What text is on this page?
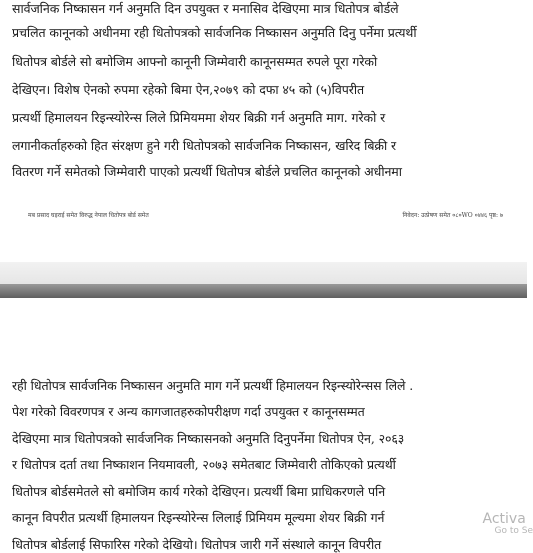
सार्वजनिक निष्कासन गर्न अनुमति दिन उपयुक्त र मनासिव देखिएमा मात्र धितोपत्र बोर्डले
प्रचलित कानूनको अधीनमा रही धितोपत्रको सार्वजनिक निष्कासन अनुमति दिनु पर्नेमा प्रत्यर्थी
धितोपत्र बोर्डले सो बमोजिम आफ्नो कानूनी जिम्मेवारी कानूनसम्मत रुपले पूरा गरेको
देखिएन। विशेष ऐनको रुपमा रहेको बिमा ऐन,२०७९ को दफा ४५ को (५)विपरीत
प्रत्यर्थी हिमालयन रिइन्स्योरेन्स लिले प्रिमियममा शेयर बिक्री गर्न अनुमति माग. गरेको र
लगानीकर्ताहरुको हित संरक्षण हुने गरी धितोपत्रको सार्वजनिक निष्कासन, खरिद बिक्री र
वितरण गर्ने समेतको जिम्मेवारी पाएको प्रत्यर्थी धितोपत्र बोर्डले प्रचलित कानूनको अधीनमा
मब प्रसाद घइराई समेत विरुद्ध नेपाल धितोपत्र बोर्ड समेत	निवेदन: उत्प्रेषण समेत ०८०WO ०४४६ पृष्ठ: ७
रही धितोपत्र सार्वजनिक निष्कासन अनुमति माग गर्ने प्रत्यर्थी हिमालयन रिइन्स्योरेन्सस लिले .
पेश गरेको विवरणपत्र र अन्य कागजातहरुकोपरीक्षण गर्दा उपयुक्त र कानूनसम्मत
देखिएमा मात्र धितोपत्रको सार्वजनिक निष्कासनको अनुमति दिनुपर्नेमा धितोपत्र ऐन, २०६३
र धितोपत्र दर्ता तथा निष्काशन नियमावली, २०७३ समेतबाट जिम्मेवारी तोकिएको प्रत्यर्थी
धितोपत्र बोर्डसमेतले सो बमोजिम कार्य गरेको देखिएन। प्रत्यर्थी बिमा प्राधिकरणले पनि
कानून विपरीत प्रत्यर्थी हिमालयन रिइन्स्योरेन्स लिलाई प्रिमियम मूल्यमा शेयर बिक्री गर्न
धितोपत्र बोर्डलाई सिफारिस गरेको देखियो। धितोपत्र जारी गर्ने संस्थाले कानून विपरीत
Activa
Go to Se
